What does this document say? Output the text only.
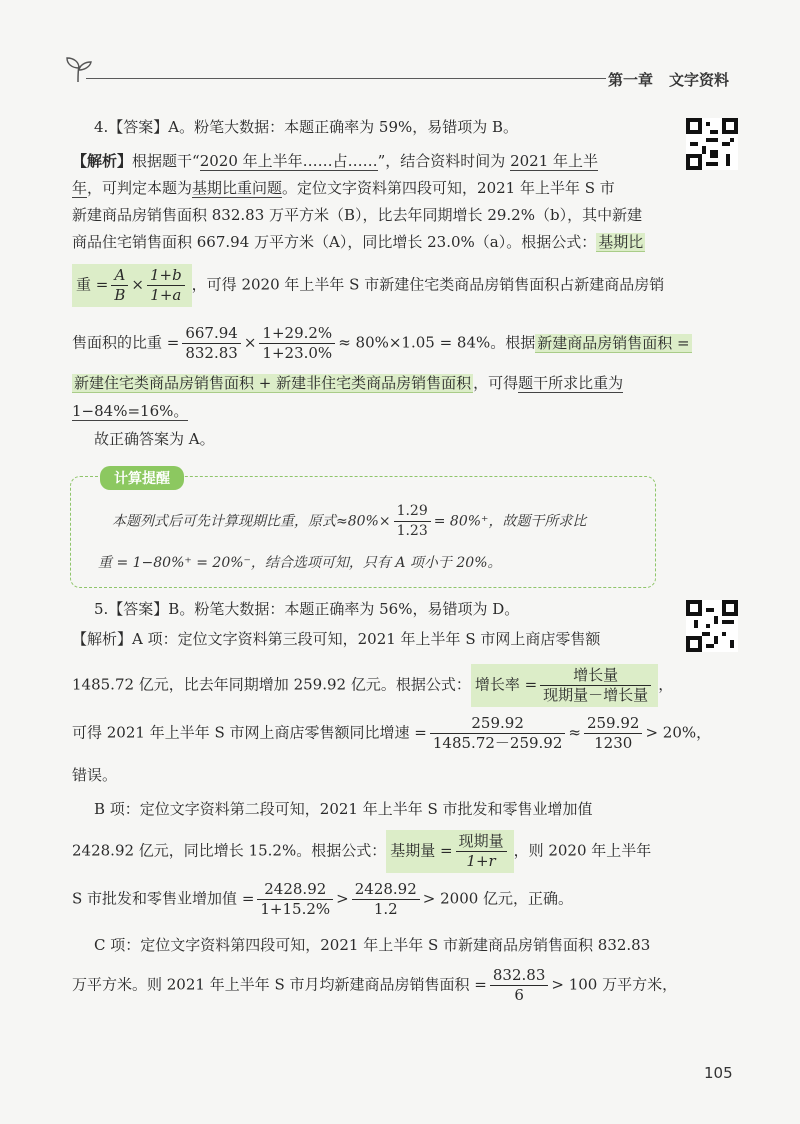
第一章 文字资料
4.【答案】A。粉笔大数据：本题正确率为 59%，易错项为 B。
【解析】根据题干“2020 年上半年……占……”，结合资料时间为 2021 年上半
年，可判定本题为基期比重问题。定位文字资料第四段可知，2021 年上半年 S 市
新建商品房销售面积 832.83 万平方米（B），比去年同期增长 29.2%（b），其中新建
商品住宅销售面积 667.94 万平方米（A），同比增长 23.0%（a）。根据公式： 基期比
重 = $\frac{A}{B} \times \frac{1+b}{1+a}$ ，可得 2020 年上半年 S 市新建住宅类商品房销售面积占新建商品房销
售面积的比重 = $\frac{667.94}{832.83} \times \frac{1+29.2\%}{1+23.0\%} \approx 80\%\times 1.05 = 84\%$。根据 新建商品房销售面积 =
新建住宅类商品房销售面积 + 新建非住宅类商品房销售面积 ，可得题干所求比重为
1−84%=16%。
故正确答案为 A。
计算提醒
本题列式后可先计算现期比重，原式$\approx 80\%\times \frac{1.29}{1.23} = 80\%^+$，故题干所求比
重 = 1−80%⁺ = 20%⁻，结合选项可知，只有 A 项小于 20%。
5.【答案】B。粉笔大数据：本题正确率为 56%，易错项为 D。
【解析】A 项：定位文字资料第三段可知，2021 年上半年 S 市网上商店零售额
1485.72 亿元，比去年同期增加 259.92 亿元。根据公式： 增长率 = $\frac{\text{增长量}}{\text{现期量－增长量}}$ ，
可得 2021 年上半年 S 市网上商店零售额同比增速 = $\frac{259.92}{1485.72-259.92} \approx \frac{259.92}{1230} > 20\%$，
错误。
B 项：定位文字资料第二段可知，2021 年上半年 S 市批发和零售业增加值
2428.92 亿元，同比增长 15.2%。根据公式： 基期量 = $\frac{\text{现期量}}{1+r}$ ，则 2020 年上半年
S 市批发和零售业增加值 = $\frac{2428.92}{1+15.2\%} > \frac{2428.92}{1.2} > 2000$ 亿元，正确。
C 项：定位文字资料第四段可知，2021 年上半年 S 市新建商品房销售面积 832.83
万平方米。则 2021 年上半年 S 市月均新建商品房销售面积 = $\frac{832.83}{6} > 100$ 万平方米，
105
